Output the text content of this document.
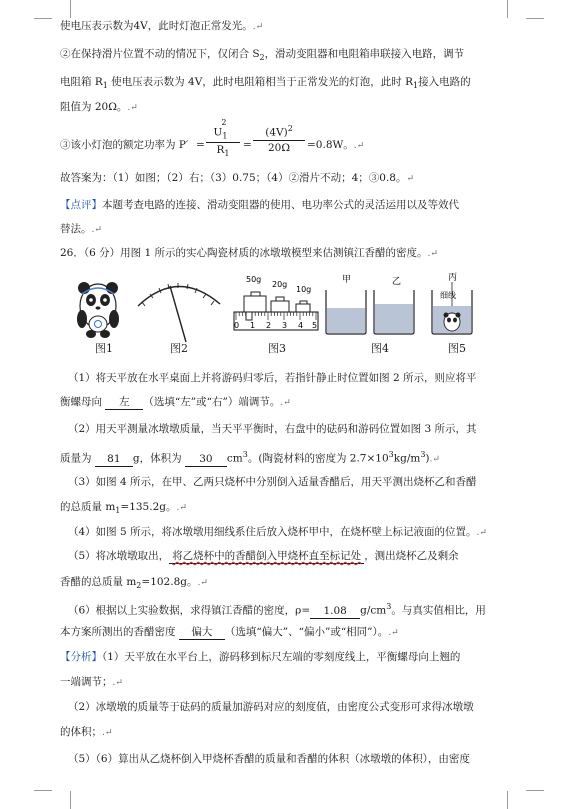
使电压表示数为4V，此时灯泡正常发光。.↵
②在保持滑片位置不动的情况下，仅闭合 $S_2$，滑动变阻器和电阻箱串联接入电路，调节
电阻箱 $R_1$ 使电压表示数为 4V，此时电阻箱相当于正常发光的灯泡，此时 $R_1$接入电路的
阻值为 20Ω。.↵
③该小灯泡的额定功率为 P′ =
$U_1^2$
$R_1$
=
$(4V)^2$
20Ω	=0.8W。.↵
故答案为：（1）如图；（2）右；（3）0.75；（4）②滑片不动；4；③0.8。↵
【点评】本题考查电路的连接、滑动变阻器的使用、电功率公式的灵活运用以及等效代
替法。.↵
26．（6 分）用图 1 所示的实心陶瓷材质的冰墩墩模型来估测镇江香醋的密度。.↵
50g
20g
10g
0 1 2 3 4 5
甲	乙	丙
细线
图1	图2	图3	图4	图5
（1）将天平放在水平桌面上并将游码归零后，若指针静止时位置如图 2 所示，则应将平
衡螺母向 左 （选填“左”或“右”）端调节。.↵
（2）用天平测量冰墩墩质量，当天平平衡时，右盘中的砝码和游码位置如图 3 所示，其
质量为 81 g，体积为 30 $cm^3$。(陶瓷材料的密度为 $2.7\times 10^3kg/m^3).↵$
（3）如图 4 所示，在甲、乙两只烧杯中分别倒入适量香醋后，用天平测出烧杯乙和香醋
的总质量 $m_1=135.2g$。.↵
（4）如图 5 所示，将冰墩墩用细线系住后放入烧杯甲中，在烧杯壁上标记液面的位置。.↵
（5）将冰墩墩取出， 将乙烧杯中的香醋倒入甲烧杯直至标记处 ，测出烧杯乙及剩余
香醋的总质量 $m_2=102.8g$。.↵
（6）根据以上实验数据，求得镇江香醋的密度，ρ= 1.08 $g/cm^3$。与真实值相比，用
本方案所测出的香醋密度 偏大 （选填“偏大”、“偏小”或“相同”）。.↵
【分析】（1）天平放在水平台上，游码移到标尺左端的零刻度线上，平衡螺母向上翘的
一端调节；.↵
（2）冰墩墩的质量等于砝码的质量加游码对应的刻度值，由密度公式变形可求得冰墩墩
的体积；.↵
（5）（6）算出从乙烧杯倒入甲烧杯香醋的质量和香醋的体积（冰墩墩的体积），由密度
